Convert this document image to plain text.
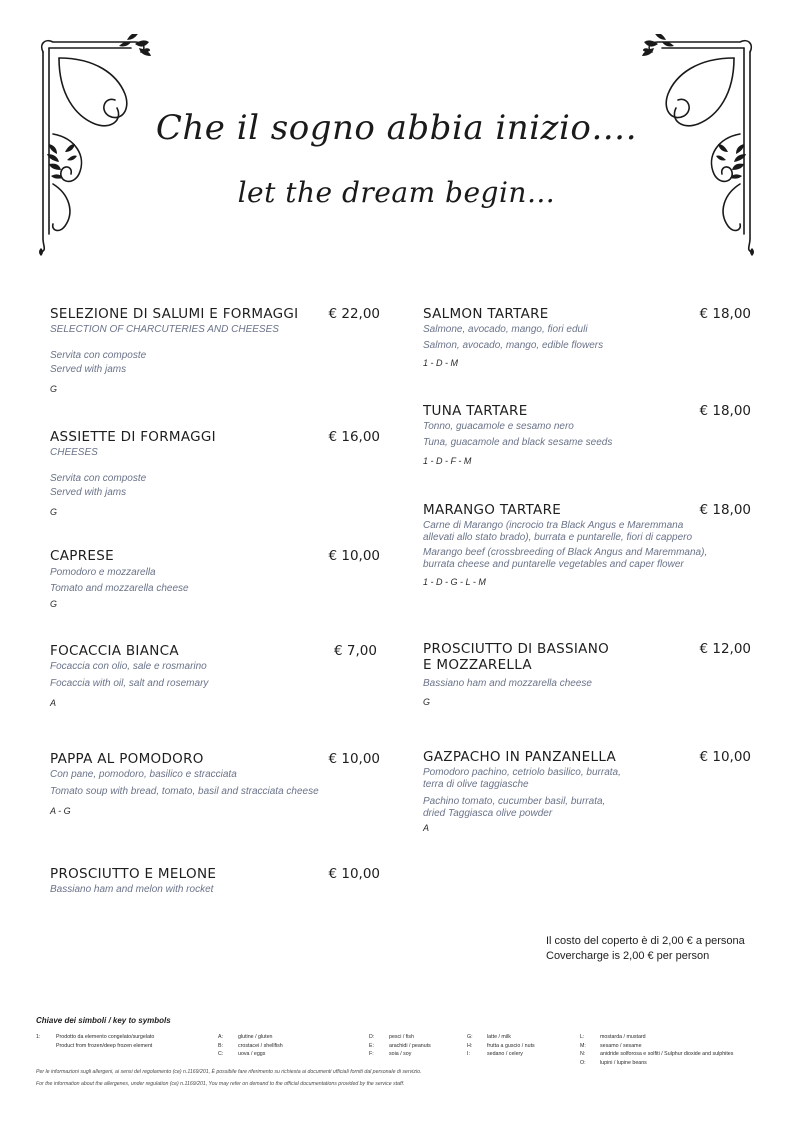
Che il sogno abbia inizio….
let the dream begin…
SELEZIONE DI SALUMI E FORMAGGI	€ 22,00
SELECTION OF CHARCUTERIES AND CHEESES
Servita con composte
Served with jams
G
ASSIETTE DI FORMAGGI	€ 16,00
CHEESES
Servita con composte
Served with jams
G
CAPRESE	€ 10,00
Pomodoro e mozzarella
Tomato and mozzarella cheese
G
FOCACCIA BIANCA	€ 7,00
Focaccia con olio, sale e rosmarino
Focaccia with oil, salt and rosemary
A
PAPPA AL POMODORO	€ 10,00
Con pane, pomodoro, basilico e stracciata
Tomato soup with bread, tomato, basil and stracciata cheese
A - G
PROSCIUTTO E MELONE	€ 10,00
Bassiano ham and melon with rocket
SALMON TARTARE	€ 18,00
Salmone, avocado, mango, fiori eduli
Salmon, avocado, mango, edible flowers
1 - D - M
TUNA TARTARE	€ 18,00
Tonno, guacamole e sesamo nero
Tuna, guacamole and black sesame seeds
1 - D - F - M
MARANGO TARTARE	€ 18,00
Carne di Marango (incrocio tra Black Angus e Maremmana
allevati allo stato brado), burrata e puntarelle, fiori di cappero
Marango beef (crossbreeding of Black Angus and Maremmana),
burrata cheese and puntarelle vegetables and caper flower
1 - D - G - L - M
PROSCIUTTO DI BASSIANO
E MOZZARELLA
€ 12,00
Bassiano ham and mozzarella cheese
G
GAZPACHO IN PANZANELLA	€ 10,00
Pomodoro pachino, cetriolo basilico, burrata,
terra di olive taggiasche
Pachino tomato, cucumber basil, burrata,
dried Taggiasca olive powder
A
Il costo del coperto è di 2,00 € a persona
Covercharge is 2,00 € per person
Chiave dei simboli / key to symbols
1:	Prodotto da elemento congelato/surgelato
Product from frozen/deep frozen element
A:	glutine / gluten
B:	crostacei / shellfish
C:	uova / eggs
D:	pesci / fish
E:	arachidi / peanuts
F:	soia / soy
G:	latte / milk
H:	frutta a guscio / nuts
I:	sedano / celery
L:	mostarda / mustard
M:	sesamo / sesame
N:	anidride solforosa e solfiti / Sulphur dioxide and sulphites
O:	lupini / lupine beans
Per le informazioni sugli allergeni, ai sensi del regolamento (ce) n.1169/201, È possibile fare riferimento su richiesta ai documenti ufficiali forniti dal personale di servizio.
For the information about the allergenes, under regulation (ce) n.1169/201, You may refer on demand to the official documentations provided by the service staff.
